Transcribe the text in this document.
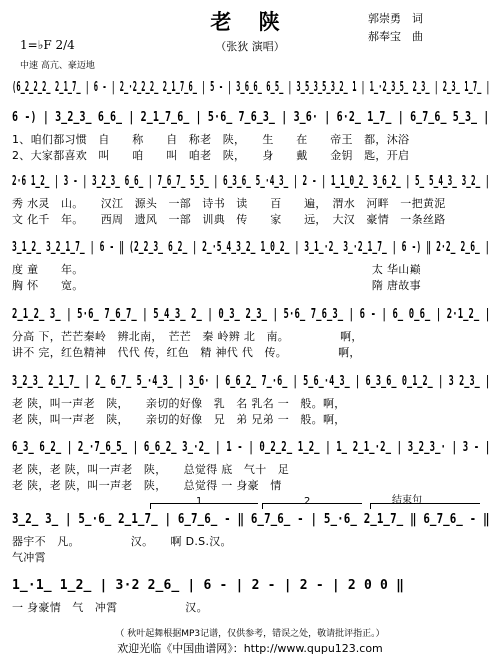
老 陕
（张狄 演唱）
郭崇勇　词
郝奉宝　曲
1=♭F 2/4
中速 高亢、豪迈地
(6̲2̲2̲2̲ 2̲1̲7̲ | 6 - | 2̲·2̲2̲2̲ 2̲1̲7̲6̲ | 5 - | 3̲6̲6̲ 6̲5̲ | 3̲5̲3̲5̲3̲2̲ 1 | 1̲·2̲3̲5̲ 2̲3̲ | 2̲3̲ 1̲7̲ |
6 -) | 3̲2̲3̲ 6̲6̲ | 2̲1̲7̲6̲ | 5·6̲ 7̲6̲3̲ | 3̲6· | 6·2̲ 1̲7̲ | 6̲7̲6̲ 5̲3̲ |
1、咱们都习惯　自　　称　　自　称老　陕，　　生　　在　　帝王　都，沐浴
2、大家都喜欢　叫　　咱　　叫　咱老　陕，　　身　　戴　　金钥　匙，开启
2·6 1̲2̲ | 3 - | 3̲2̲3̲ 6̲6̲ | 7̲6̲7̲ 5̲5̲ | 6̲3̲6̲ 5̲·4̲3̲ | 2 - | 1̲1̲0̲2̲ 3̲6̲2̲ | 5̲ 5̲4̲3̲ 3̲2̲ |
秀 水灵　山。　　汉江　源头　一部　诗书　读　　百　　遍，　渭水　河畔　一把黄泥
文 化千　年。　　西周　遗风　一部　训典　传　　家　　远，　大汉　豪情　一条丝路
3̲1̲2̲ 3̲2̲1̲7̲ | 6 - ‖ (2̲2̲3̲ 6̲2̲ | 2̲·5̲4̲3̲2̲ 1̲0̲2̲ | 3̲1̲·2̲ 3̲·2̲1̲7̲ | 6 -) ‖ 2·2̲ 2̲6̲ |
度 童　　年。　　　　　　　　　　　　　　　　　　　　　　　　　　太 华山巅
胸 怀　　宽。　　　　　　　　　　　　　　　　　　　　　　　　　　隋 唐故事
2̲1̲2̲ 3̲ | 5·6̲ 7̲6̲7̲ | 5̲4̲3̲ 2̲ | 0̲3̲ 2̲3̲ | 5·6̲ 7̲6̲3̲ | 6 - | 6̲ 0̲6̲ | 2·1̲2̲ |
分高 下，芒芒秦岭　辨北南，　芒芒　秦 岭辨 北　南。　　　　　啊，
讲不 完，红色精神　代代 传，红色　精 神代 代　传。　　　　　啊，
3̲2̲3̲ 2̲1̲7̲ | 2̲ 6̲7̲ 5̲·4̲3̲ | 3̲6· | 6̲6̲2̲ 7̲·6̲ | 5̲6̲·4̲3̲ | 6̲3̲6̲ 0̲1̲2̲ | 3 2̲3̲ |
老 陕，叫一声老　陕，　　亲切的好像　乳　名 乳名 一　般。啊，
老 陕，叫一声老　陕，　　亲切的好像　兄　弟 兄弟 一　般。啊，
6̲3̲ 6̲2̲ | 2̲·7̲6̲5̲ | 6̲6̲2̲ 3̲·2̲ | 1 - | 0̲2̲2̲ 1̲2̲ | 1̲ 2̲1̲·2̲ | 3̲2̲3̲· | 3 - |
老 陕，老 陕，叫一声老　陕，　　总觉得 底　气十　足
老 陕，老 陕，叫一声老　陕，　　总觉得 一 身豪　情
1	2	结束句
3̲2̲ 3̲ | 5̲·6̲ 2̲1̲7̲ | 6̲7̲6̲ - ‖ 6̲7̲6̲ - | 5̲·6̲ 2̲1̲7̲ ‖ 6̲7̲6̲ - ‖
器宇不　凡。　　　　　汉。　　啊 D.S.汉。
气冲霄
1̲·1̲ 1̲2̲ | 3·2 2̲6̲ | 6 - | 2 - | 2 - | 2 0 0 ‖
一 身豪情　气　冲霄　　　　　　汉。
（ 秋叶起舞根据MP3记谱，仅供参考，错误之处，敬请批评指正。）
欢迎光临《中国曲谱网》：http://www.qupu123.com
